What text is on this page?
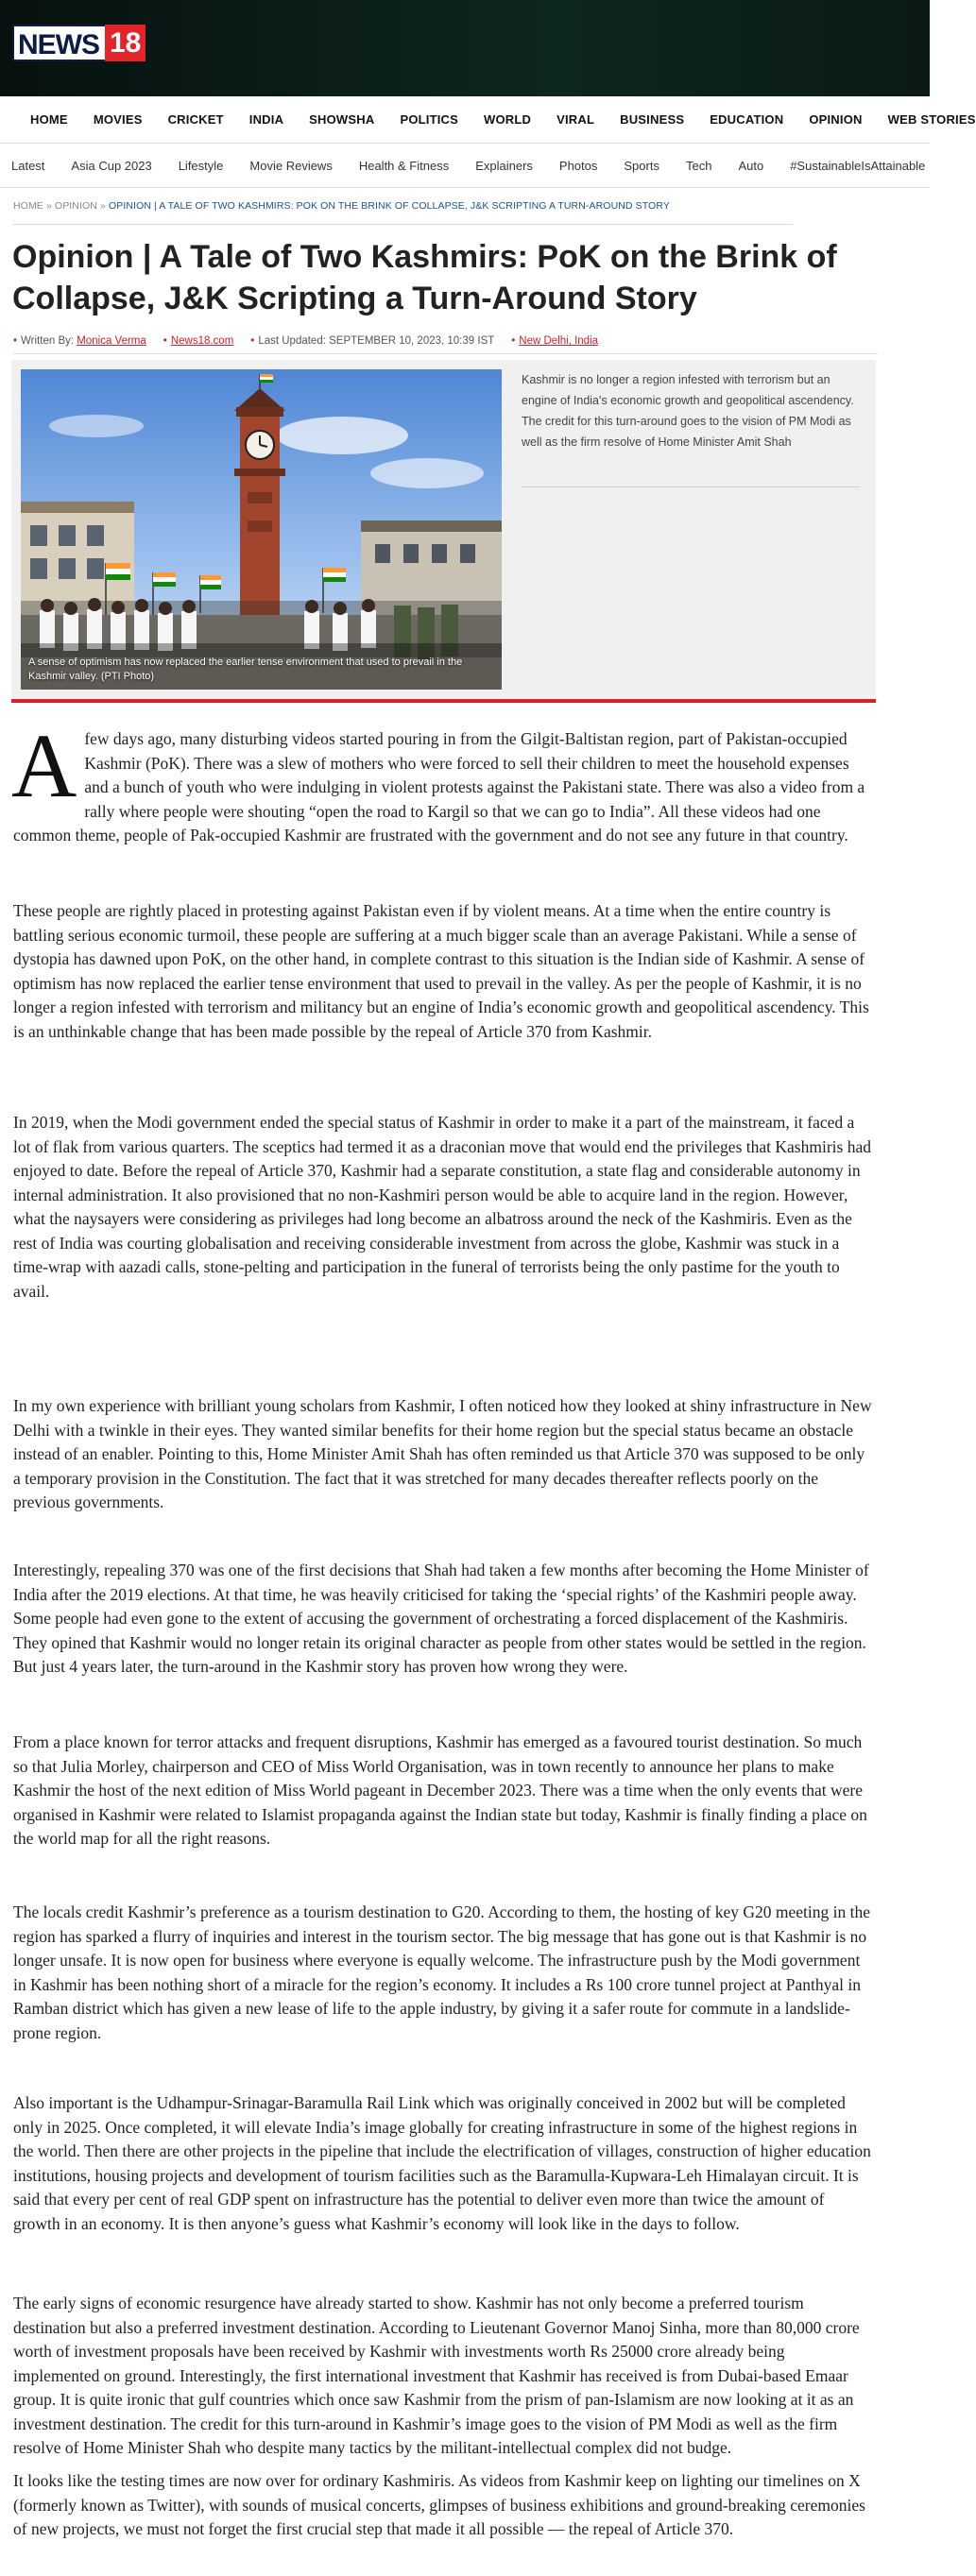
NEWS 18
HOME MOVIES CRICKET INDIA SHOWSHA POLITICS WORLD VIRAL BUSINESS EDUCATION OPINION WEB STORIES
Latest Asia Cup 2023 Lifestyle Movie Reviews Health & Fitness Explainers Photos Sports Tech Auto #SustainableIsAttainable
HOME » OPINION » OPINION | A TALE OF TWO KASHMIRS: POK ON THE BRINK OF COLLAPSE, J&K SCRIPTING A TURN-AROUND STORY
Opinion | A Tale of Two Kashmirs: PoK on the Brink of Collapse, J&K Scripting a Turn-Around Story
• Written By: Monica Verma • News18.com • Last Updated: SEPTEMBER 10, 2023, 10:39 IST • New Delhi, India
A sense of optimism has now replaced the earlier tense environment that used to prevail in the Kashmir valley. (PTI Photo)
Kashmir is no longer a region infested with terrorism but an engine of India's economic growth and geopolitical ascendency. The credit for this turn-around goes to the vision of PM Modi as well as the firm resolve of Home Minister Amit Shah

Afew days ago, many disturbing videos started pouring in from the Gilgit-Baltistan region, part of Pakistan-occupied Kashmir (PoK). There was a slew of mothers who were forced to sell their children to meet the household expenses and a bunch of youth who were indulging in violent protests against the Pakistani state. There was also a video from a rally where people were shouting “open the road to Kargil so that we can go to India”. All these videos had one common theme, people of Pak-occupied Kashmir are frustrated with the government and do not see any future in that country.

These people are rightly placed in protesting against Pakistan even if by violent means. At a time when the entire country is battling serious economic turmoil, these people are suffering at a much bigger scale than an average Pakistani. While a sense of dystopia has dawned upon PoK, on the other hand, in complete contrast to this situation is the Indian side of Kashmir. A sense of optimism has now replaced the earlier tense environment that used to prevail in the valley. As per the people of Kashmir, it is no longer a region infested with terrorism and militancy but an engine of India’s economic growth and geopolitical ascendency. This is an unthinkable change that has been made possible by the repeal of Article 370 from Kashmir.

In 2019, when the Modi government ended the special status of Kashmir in order to make it a part of the mainstream, it faced a lot of flak from various quarters. The sceptics had termed it as a draconian move that would end the privileges that Kashmiris had enjoyed to date. Before the repeal of Article 370, Kashmir had a separate constitution, a state flag and considerable autonomy in internal administration. It also provisioned that no non-Kashmiri person would be able to acquire land in the region. However, what the naysayers were considering as privileges had long become an albatross around the neck of the Kashmiris. Even as the rest of India was courting globalisation and receiving considerable investment from across the globe, Kashmir was stuck in a time-wrap with aazadi calls, stone-pelting and participation in the funeral of terrorists being the only pastime for the youth to avail.

In my own experience with brilliant young scholars from Kashmir, I often noticed how they looked at shiny infrastructure in New Delhi with a twinkle in their eyes. They wanted similar benefits for their home region but the special status became an obstacle instead of an enabler. Pointing to this, Home Minister Amit Shah has often reminded us that Article 370 was supposed to be only a temporary provision in the Constitution. The fact that it was stretched for many decades thereafter reflects poorly on the previous governments.

Interestingly, repealing 370 was one of the first decisions that Shah had taken a few months after becoming the Home Minister of India after the 2019 elections. At that time, he was heavily criticised for taking the ‘special rights’ of the Kashmiri people away. Some people had even gone to the extent of accusing the government of orchestrating a forced displacement of the Kashmiris. They opined that Kashmir would no longer retain its original character as people from other states would be settled in the region. But just 4 years later, the turn-around in the Kashmir story has proven how wrong they were.

From a place known for terror attacks and frequent disruptions, Kashmir has emerged as a favoured tourist destination. So much so that Julia Morley, chairperson and CEO of Miss World Organisation, was in town recently to announce her plans to make Kashmir the host of the next edition of Miss World pageant in December 2023. There was a time when the only events that were organised in Kashmir were related to Islamist propaganda against the Indian state but today, Kashmir is finally finding a place on the world map for all the right reasons.

The locals credit Kashmir’s preference as a tourism destination to G20. According to them, the hosting of key G20 meeting in the region has sparked a flurry of inquiries and interest in the tourism sector. The big message that has gone out is that Kashmir is no longer unsafe. It is now open for business where everyone is equally welcome. The infrastructure push by the Modi government in Kashmir has been nothing short of a miracle for the region’s economy. It includes a Rs 100 crore tunnel project at Panthyal in Ramban district which has given a new lease of life to the apple industry, by giving it a safer route for commute in a landslide-prone region.

Also important is the Udhampur-Srinagar-Baramulla Rail Link which was originally conceived in 2002 but will be completed only in 2025. Once completed, it will elevate India’s image globally for creating infrastructure in some of the highest regions in the world. Then there are other projects in the pipeline that include the electrification of villages, construction of higher education institutions, housing projects and development of tourism facilities such as the Baramulla-Kupwara-Leh Himalayan circuit. It is said that every per cent of real GDP spent on infrastructure has the potential to deliver even more than twice the amount of growth in an economy. It is then anyone’s guess what Kashmir’s economy will look like in the days to follow.

The early signs of economic resurgence have already started to show. Kashmir has not only become a preferred tourism destination but also a preferred investment destination. According to Lieutenant Governor Manoj Sinha, more than 80,000 crore worth of investment proposals have been received by Kashmir with investments worth Rs 25000 crore already being implemented on ground. Interestingly, the first international investment that Kashmir has received is from Dubai-based Emaar group. It is quite ironic that gulf countries which once saw Kashmir from the prism of pan-Islamism are now looking at it as an investment destination. The credit for this turn-around in Kashmir’s image goes to the vision of PM Modi as well as the firm resolve of Home Minister Shah who despite many tactics by the militant-intellectual complex did not budge.

It looks like the testing times are now over for ordinary Kashmiris. As videos from Kashmir keep on lighting our timelines on X (formerly known as Twitter), with sounds of musical concerts, glimpses of business exhibitions and ground-breaking ceremonies of new projects, we must not forget the first crucial step that made it all possible — the repeal of Article 370.
